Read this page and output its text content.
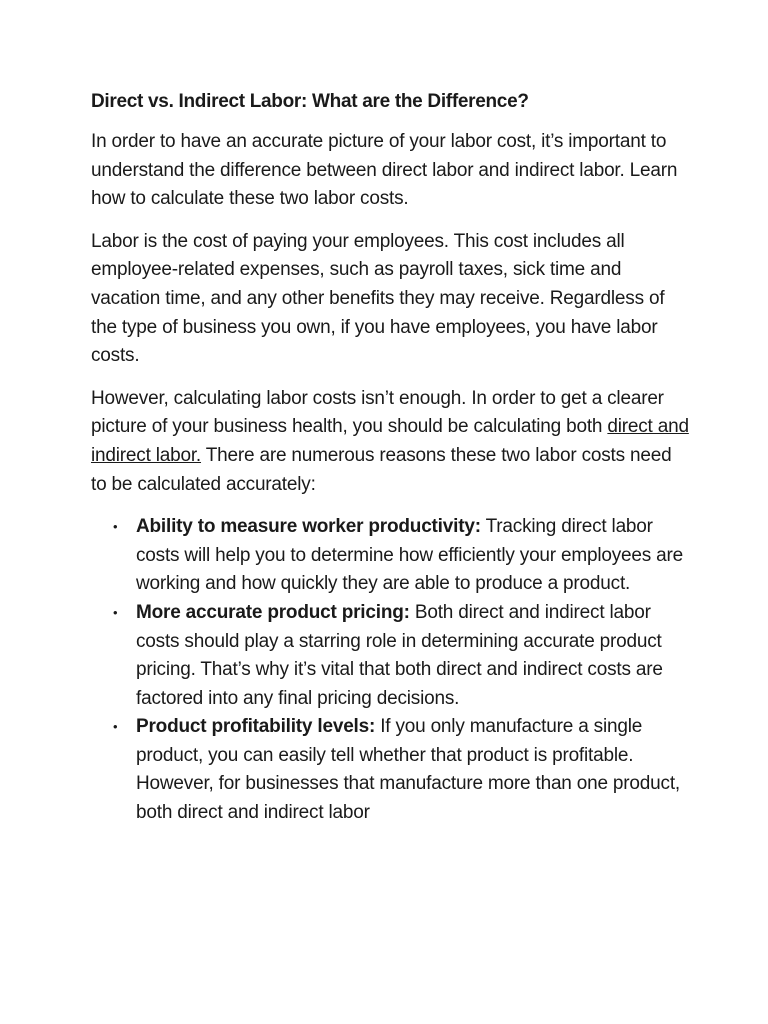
Direct vs. Indirect Labor: What are the Difference?

In order to have an accurate picture of your labor cost, it’s important to understand the difference between direct labor and indirect labor. Learn how to calculate these two labor costs.

Labor is the cost of paying your employees. This cost includes all employee-related expenses, such as payroll taxes, sick time and vacation time, and any other benefits they may receive. Regardless of the type of business you own, if you have employees, you have labor costs.

However, calculating labor costs isn’t enough. In order to get a clearer picture of your business health, you should be calculating both direct and indirect labor. There are numerous reasons these two labor costs need to be calculated accurately:

• Ability to measure worker productivity: Tracking direct labor costs will help you to determine how efficiently your employees are working and how quickly they are able to produce a product.
• More accurate product pricing: Both direct and indirect labor costs should play a starring role in determining accurate product pricing. That’s why it’s vital that both direct and indirect costs are factored into any final pricing decisions.
• Product profitability levels: If you only manufacture a single product, you can easily tell whether that product is profitable. However, for businesses that manufacture more than one product, both direct and indirect labor
